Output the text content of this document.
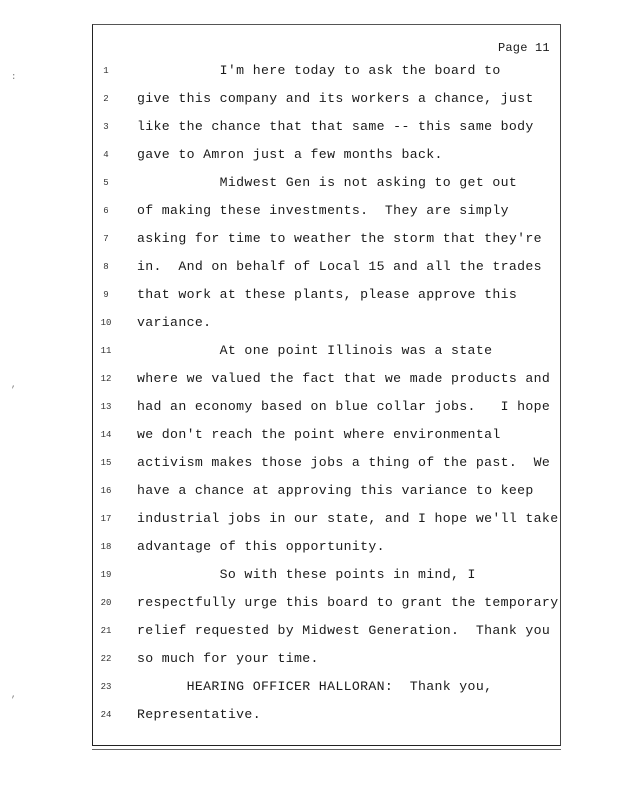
Page 11
1	I'm here today to ask the board to
2	give this company and its workers a chance, just
3	like the chance that that same -- this same body
4	gave to Amron just a few months back.
5	Midwest Gen is not asking to get out
6	of making these investments.  They are simply
7	asking for time to weather the storm that they're
8	in.  And on behalf of Local 15 and all the trades
9	that work at these plants, please approve this
10	variance.
11	At one point Illinois was a state
12	where we valued the fact that we made products and
13	had an economy based on blue collar jobs.   I hope
14	we don't reach the point where environmental
15	activism makes those jobs a thing of the past.  We
16	have a chance at approving this variance to keep
17	industrial jobs in our state, and I hope we'll take
18	advantage of this opportunity.
19	So with these points in mind, I
20	respectfully urge this board to grant the temporary
21	relief requested by Midwest Generation.  Thank you
22	so much for your time.
23	HEARING OFFICER HALLORAN:  Thank you,
24	Representative.
:
,
,
